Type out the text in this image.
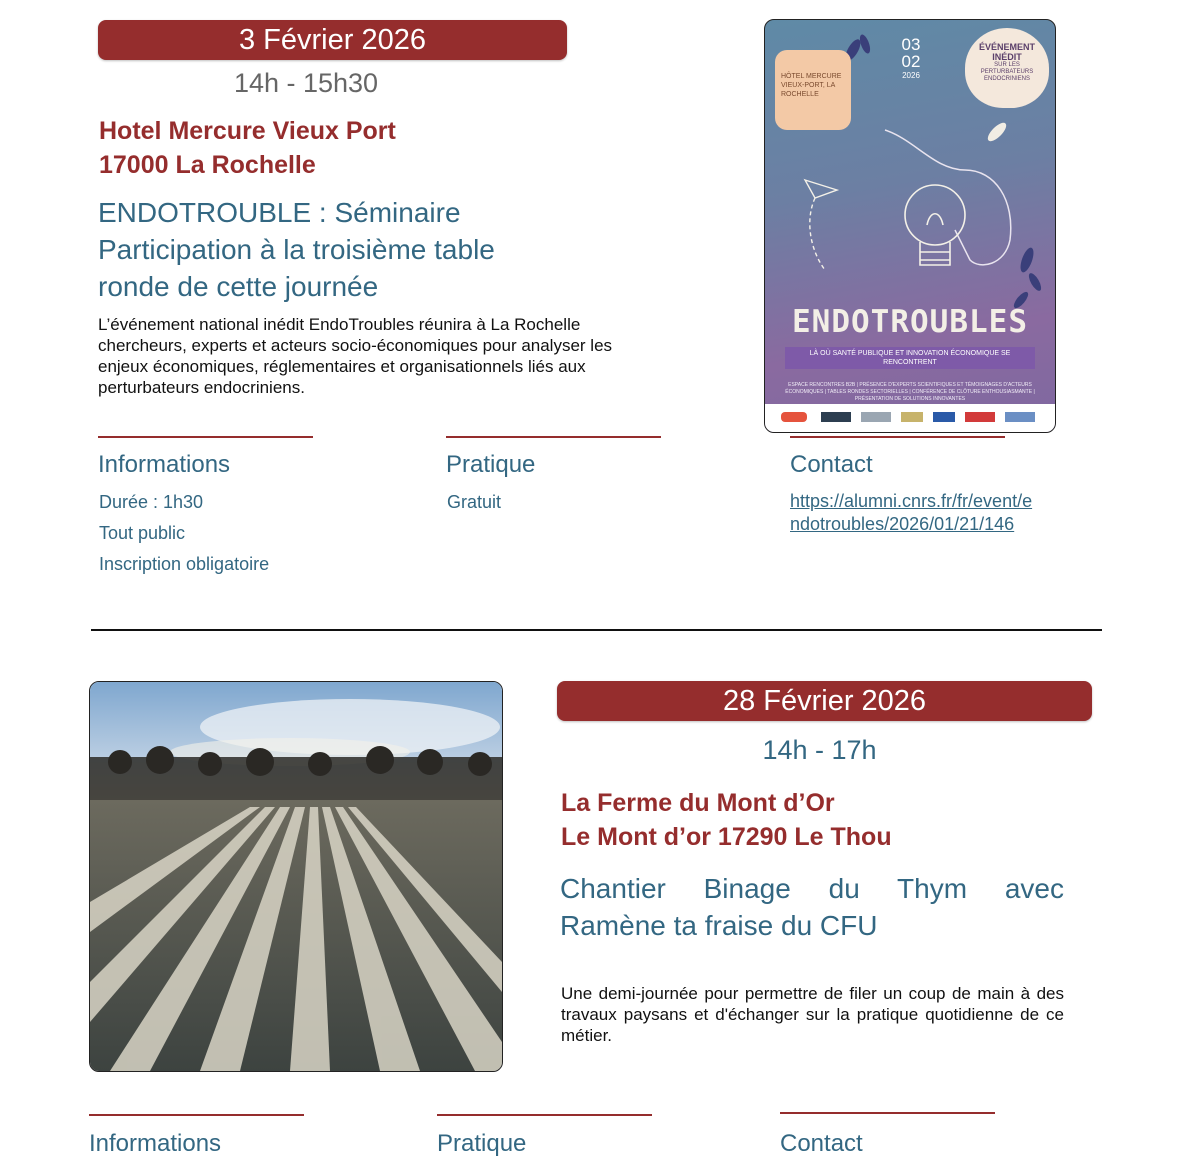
3 Février 2026
14h - 15h30
Hotel Mercure Vieux Port
17000 La Rochelle
ENDOTROUBLE : Séminaire
Participation à la troisième table
ronde de cette journée
L’événement national inédit EndoTroubles réunira à La Rochelle chercheurs, experts et acteurs socio-économiques pour analyser les enjeux économiques, réglementaires et organisationnels liés aux perturbateurs endocriniens.
HÔTEL MERCURE VIEUX-PORT, LA ROCHELLE
03
02
2026
ÉVÉNEMENT
INÉDIT
SUR LES PERTURBATEURS ENDOCRINIENS
ENDOTROUBLES
LÀ OÙ SANTÉ PUBLIQUE ET INNOVATION ÉCONOMIQUE SE RENCONTRENT
ESPACE RENCONTRES B2B | PRÉSENCE D'EXPERTS SCIENTIFIQUES ET TÉMOIGNAGES D'ACTEURS ÉCONOMIQUES | TABLES RONDES SECTORIELLES | CONFÉRENCE DE CLÔTURE ENTHOUSIASMANTE | PRÉSENTATION DE SOLUTIONS INNOVANTES
Informations
Durée : 1h30
Tout public
Inscription obligatoire
Pratique
Gratuit
Contact
https://alumni.cnrs.fr/fr/event/endotroubles/2026/01/21/146
28 Février 2026
14h - 17h
La Ferme du Mont d’Or
Le Mont d’or 17290 Le Thou
Chantier Binage du Thym avec
Ramène ta fraise du CFU
Une demi-journée pour permettre de filer un coup de main à des travaux paysans et d'échanger sur la pratique quotidienne de ce métier.
Informations	Pratique	Contact
